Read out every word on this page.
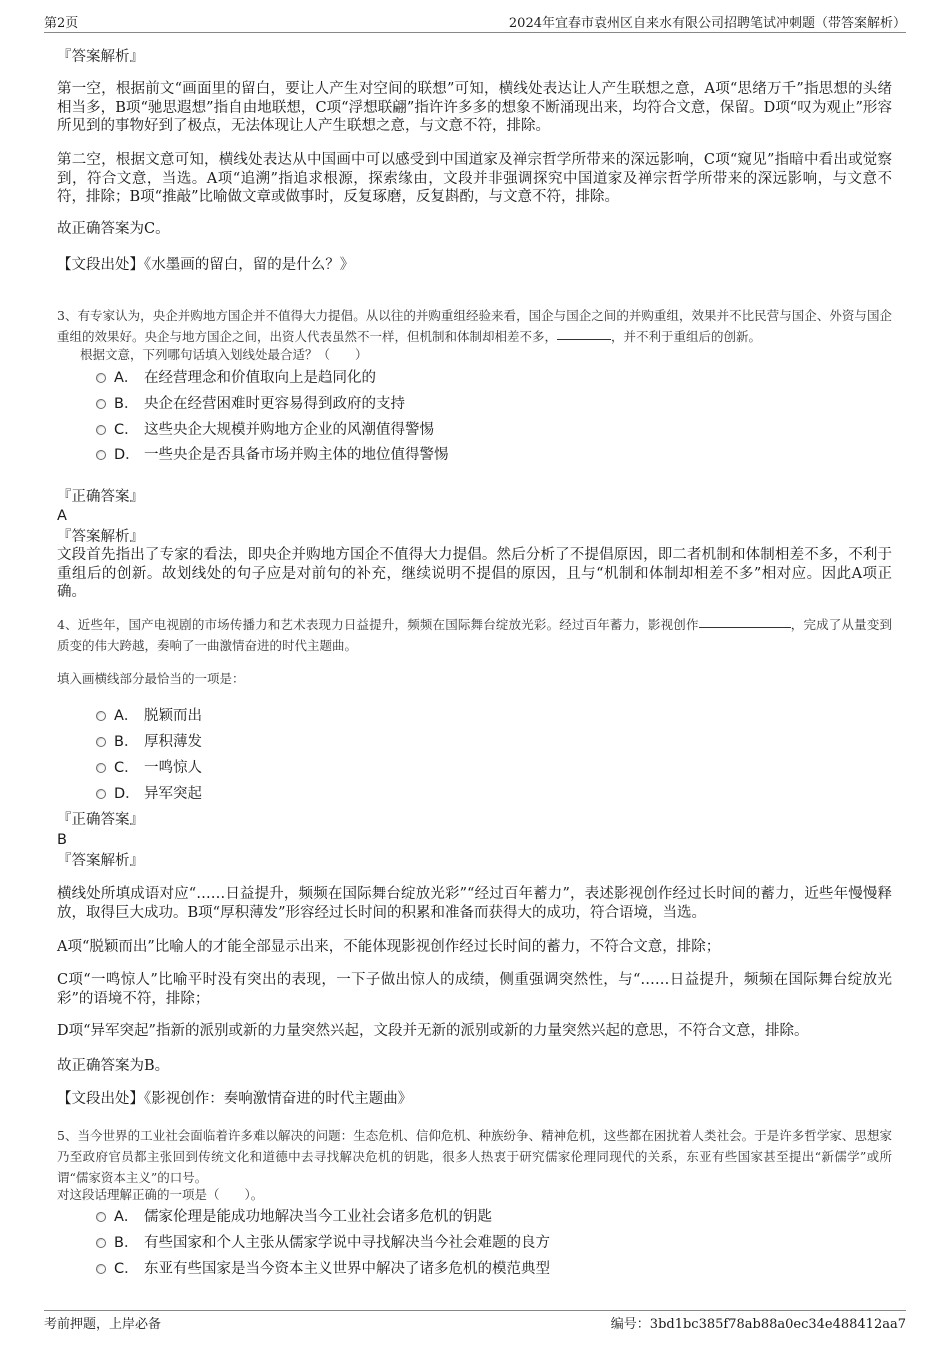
第2页	2024年宜春市袁州区自来水有限公司招聘笔试冲刺题（带答案解析）
『答案解析』
第一空，根据前文“画面里的留白，要让人产生对空间的联想”可知，横线处表达让人产生联想之意，A项“思绪万千”指思想的头绪相当多，B项“驰思遐想”指自由地联想，C项“浮想联翩”指许许多多的想象不断涌现出来，均符合文意，保留。D项“叹为观止”形容所见到的事物好到了极点，无法体现让人产生联想之意，与文意不符，排除。
第二空，根据文意可知，横线处表达从中国画中可以感受到中国道家及禅宗哲学所带来的深远影响，C项“窥见”指暗中看出或觉察到，符合文意，当选。A项“追溯”指追求根源，探索缘由，文段并非强调探究中国道家及禅宗哲学所带来的深远影响，与文意不符，排除；B项“推敲”比喻做文章或做事时，反复琢磨，反复斟酌，与文意不符，排除。
故正确答案为C。
【文段出处】《水墨画的留白，留的是什么？》
3、有专家认为，央企并购地方国企并不值得大力提倡。从以往的并购重组经验来看，国企与国企之间的并购重组，效果并不比民营与国企、外资与国企重组的效果好。央企与地方国企之间，出资人代表虽然不一样，但机制和体制却相差不多，	，并不利于重组后的创新。
根据文意，下列哪句话填入划线处最合适？（　　）
A． 在经营理念和价值取向上是趋同化的
B． 央企在经营困难时更容易得到政府的支持
C． 这些央企大规模并购地方企业的风潮值得警惕
D． 一些央企是否具备市场并购主体的地位值得警惕
『正确答案』
A
『答案解析』
文段首先指出了专家的看法，即央企并购地方国企不值得大力提倡。然后分析了不提倡原因，即二者机制和体制相差不多，不利于重组后的创新。故划线处的句子应是对前句的补充，继续说明不提倡的原因，且与“机制和体制却相差不多”相对应。因此A项正确。
4、近些年，国产电视剧的市场传播力和艺术表现力日益提升，频频在国际舞台绽放光彩。经过百年蓄力，影视创作	，完成了从量变到质变的伟大跨越，奏响了一曲激情奋进的时代主题曲。
填入画横线部分最恰当的一项是：
A． 脱颖而出
B． 厚积薄发
C． 一鸣惊人
D． 异军突起
『正确答案』
B
『答案解析』
横线处所填成语对应“……日益提升，频频在国际舞台绽放光彩”“经过百年蓄力”，表述影视创作经过长时间的蓄力，近些年慢慢释放，取得巨大成功。B项“厚积薄发”形容经过长时间的积累和准备而获得大的成功，符合语境，当选。
A项“脱颖而出”比喻人的才能全部显示出来，不能体现影视创作经过长时间的蓄力，不符合文意，排除；
C项“一鸣惊人”比喻平时没有突出的表现，一下子做出惊人的成绩，侧重强调突然性，与“……日益提升，频频在国际舞台绽放光彩”的语境不符，排除；
D项“异军突起”指新的派别或新的力量突然兴起，文段并无新的派别或新的力量突然兴起的意思，不符合文意，排除。
故正确答案为B。
【文段出处】《影视创作：奏响激情奋进的时代主题曲》
5、当今世界的工业社会面临着许多难以解决的问题：生态危机、信仰危机、种族纷争、精神危机，这些都在困扰着人类社会。于是许多哲学家、思想家乃至政府官员都主张回到传统文化和道德中去寻找解决危机的钥匙，很多人热衷于研究儒家伦理同现代的关系，东亚有些国家甚至提出“新儒学”或所谓“儒家资本主义”的口号。
对这段话理解正确的一项是（　　）。
A． 儒家伦理是能成功地解决当今工业社会诸多危机的钥匙
B． 有些国家和个人主张从儒家学说中寻找解决当今社会难题的良方
C． 东亚有些国家是当今资本主义世界中解决了诸多危机的模范典型
考前押题，上岸必备	编号：3bd1bc385f78ab88a0ec34e488412aa7
